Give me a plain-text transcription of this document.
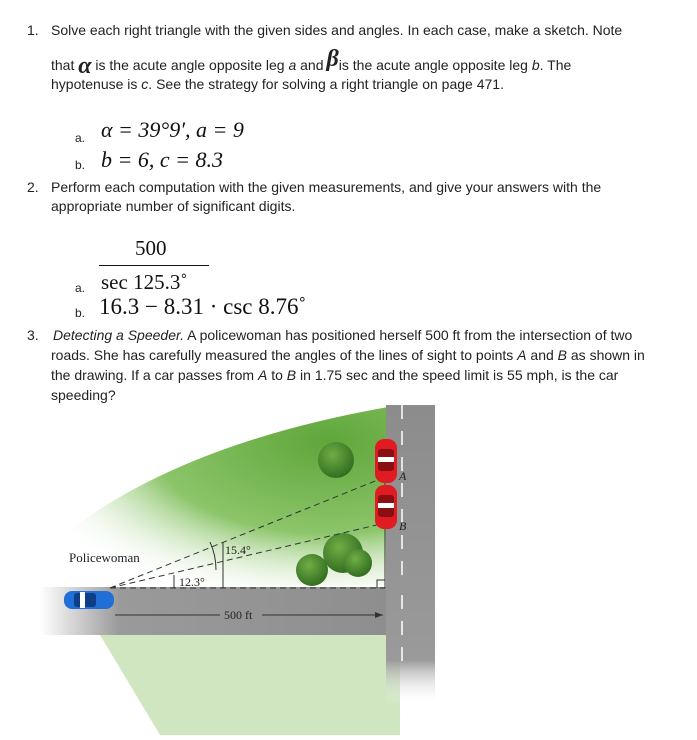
1. Solve each right triangle with the given sides and angles. In each case, make a sketch. Note
that α is the acute angle opposite leg a and βis the acute angle opposite leg b. The
hypotenuse is c. See the strategy for solving a right triangle on page 471.
a. α = 39°9′, a = 9
b. b = 6, c = 8.3
2. Perform each computation with the given measurements, and give your answers with the
appropriate number of significant digits.
500
a. sec 125.3˚
b. 16.3 − 8.31 · csc 8.76˚
3. Detecting a Speeder. A policewoman has positioned herself 500 ft from the intersection of two
roads. She has carefully measured the angles of the lines of sight to points A and B as shown in
the drawing. If a car passes from A to B in 1.75 sec and the speed limit is 55 mph, is the car
speeding?
Policewoman	15.4°
12.3°
500 ft
A
B
